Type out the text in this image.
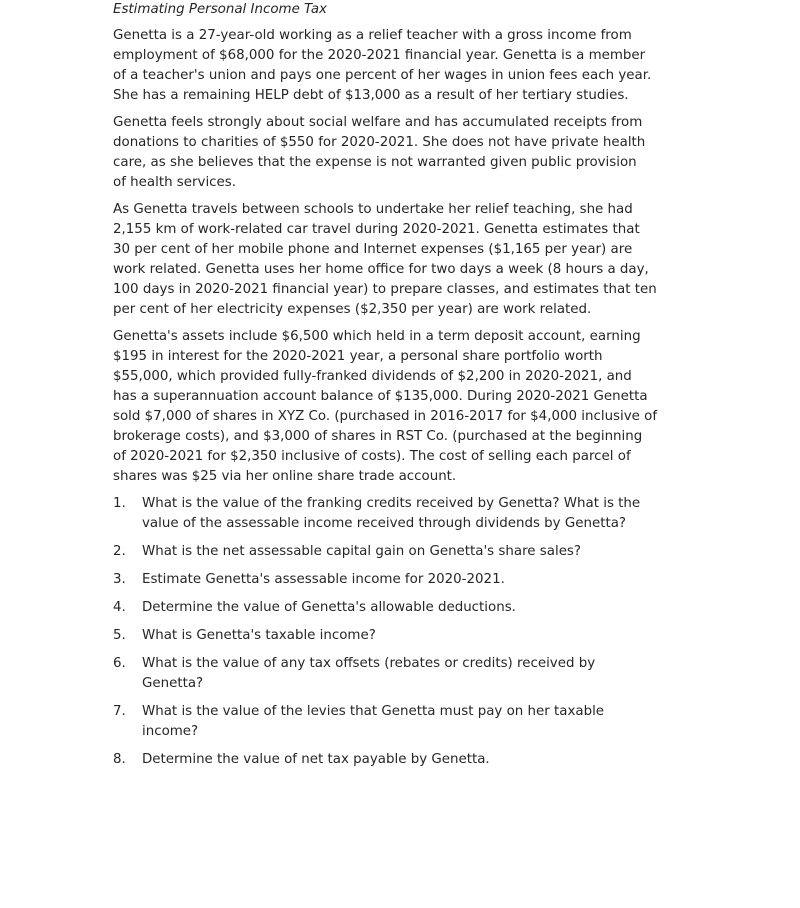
Estimating Personal Income Tax
Genetta is a 27-year-old working as a relief teacher with a gross income from
employment of $68,000 for the 2020-2021 financial year. Genetta is a member
of a teacher's union and pays one percent of her wages in union fees each year.
She has a remaining HELP debt of $13,000 as a result of her tertiary studies.
Genetta feels strongly about social welfare and has accumulated receipts from
donations to charities of $550 for 2020-2021. She does not have private health
care, as she believes that the expense is not warranted given public provision
of health services.
As Genetta travels between schools to undertake her relief teaching, she had
2,155 km of work-related car travel during 2020-2021. Genetta estimates that
30 per cent of her mobile phone and Internet expenses ($1,165 per year) are
work related. Genetta uses her home office for two days a week (8 hours a day,
100 days in 2020-2021 financial year) to prepare classes, and estimates that ten
per cent of her electricity expenses ($2,350 per year) are work related.
Genetta's assets include $6,500 which held in a term deposit account, earning
$195 in interest for the 2020-2021 year, a personal share portfolio worth
$55,000, which provided fully-franked dividends of $2,200 in 2020-2021, and
has a superannuation account balance of $135,000. During 2020-2021 Genetta
sold $7,000 of shares in XYZ Co. (purchased in 2016-2017 for $4,000 inclusive of
brokerage costs), and $3,000 of shares in RST Co. (purchased at the beginning
of 2020-2021 for $2,350 inclusive of costs). The cost of selling each parcel of
shares was $25 via her online share trade account.
1. What is the value of the franking credits received by Genetta? What is the
value of the assessable income received through dividends by Genetta?
2. What is the net assessable capital gain on Genetta's share sales?
3. Estimate Genetta's assessable income for 2020-2021.
4. Determine the value of Genetta's allowable deductions.
5. What is Genetta's taxable income?
6. What is the value of any tax offsets (rebates or credits) received by
Genetta?
7. What is the value of the levies that Genetta must pay on her taxable
income?
8. Determine the value of net tax payable by Genetta.
